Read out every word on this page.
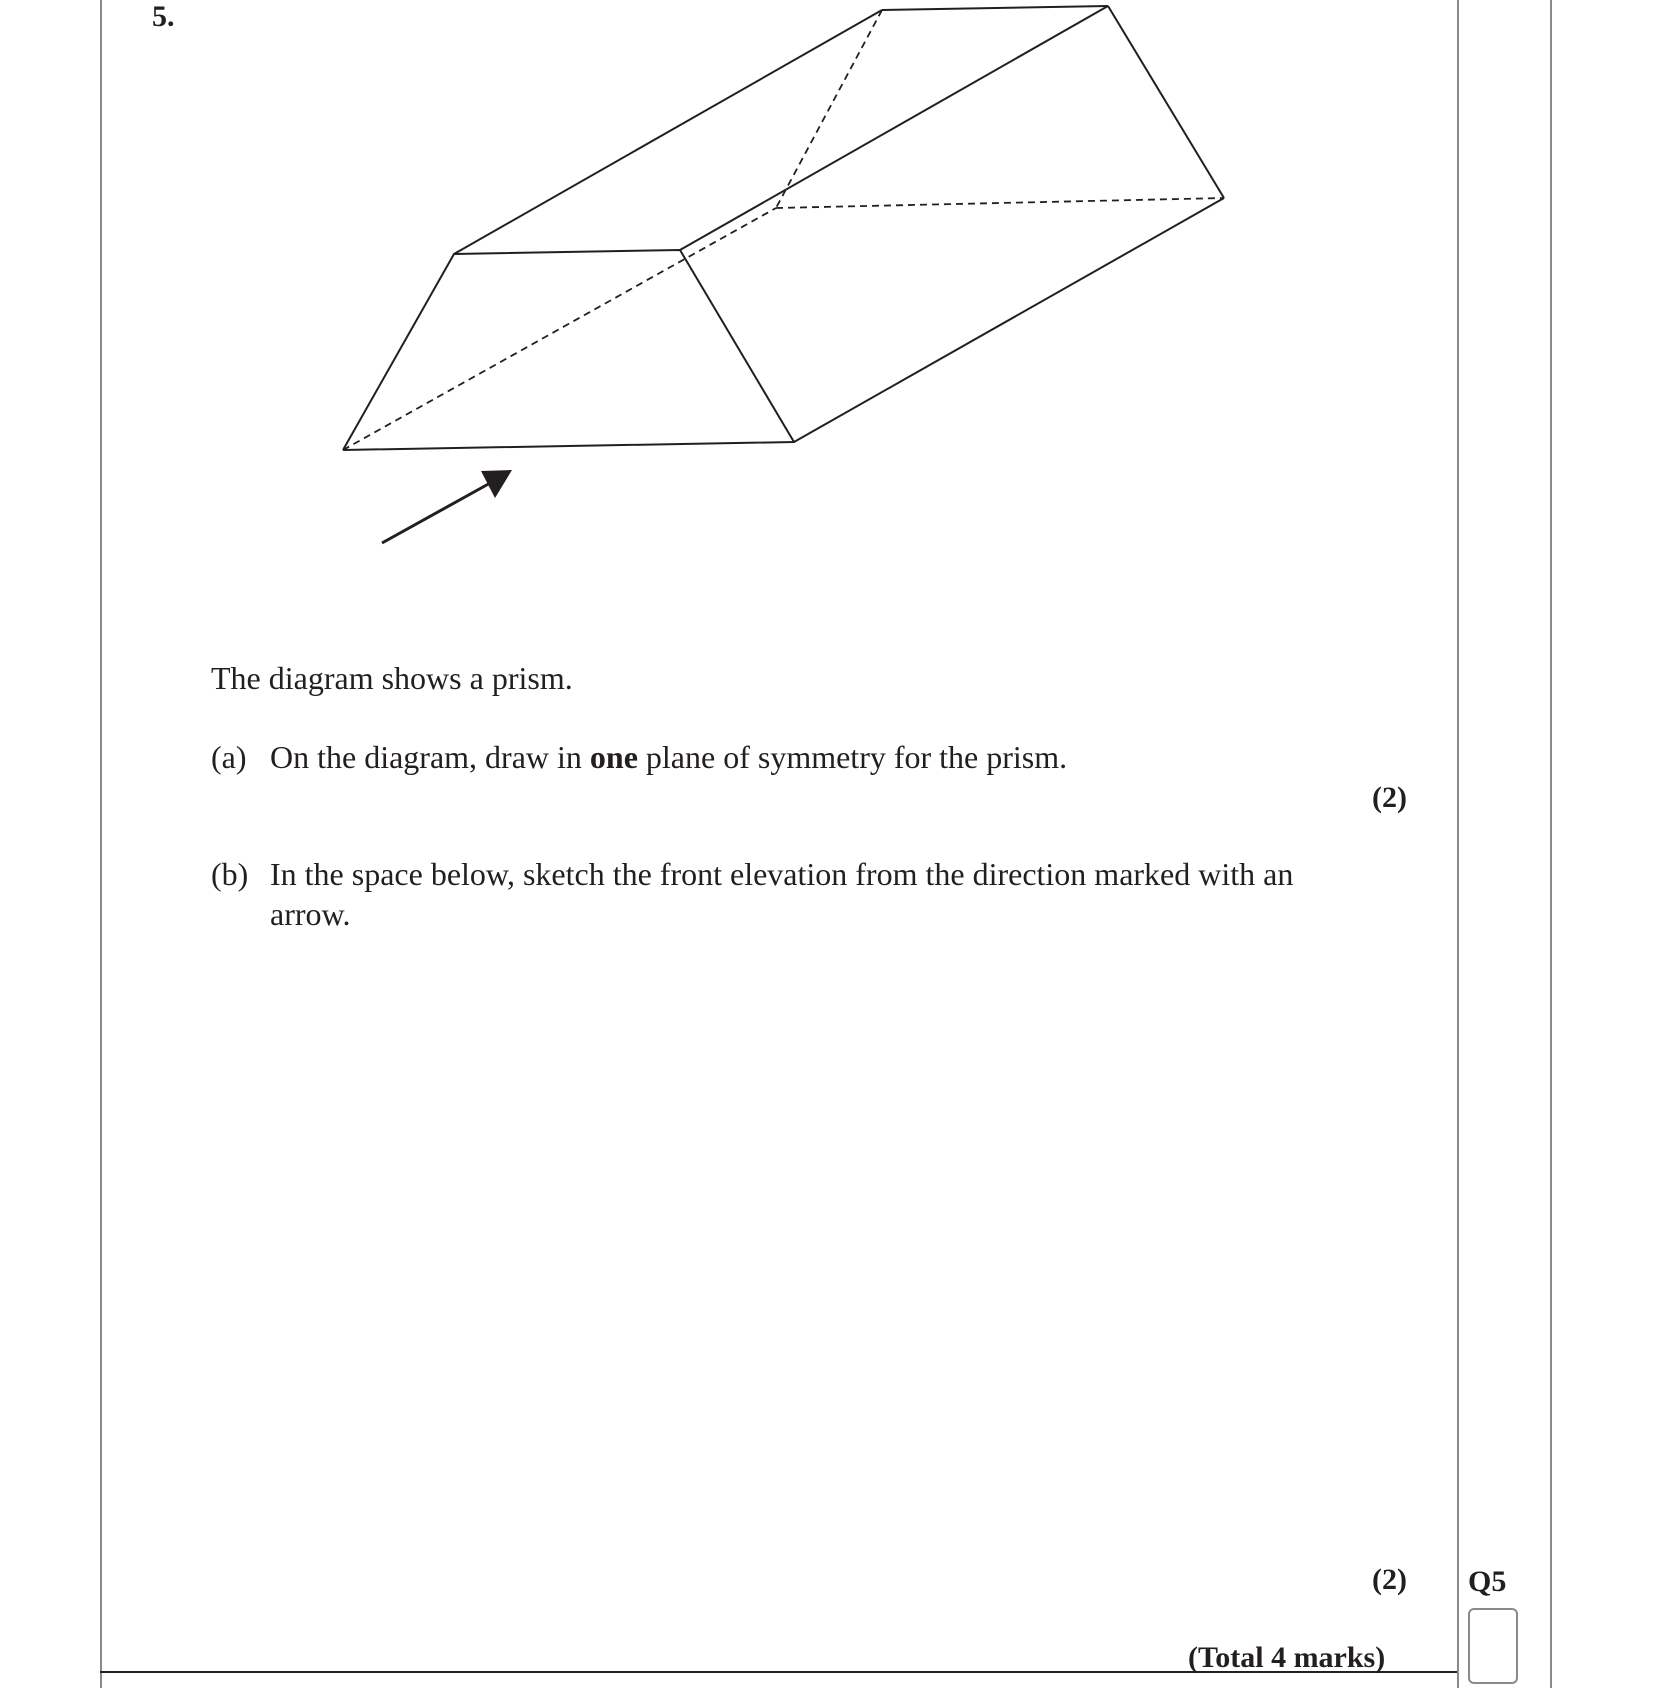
5.
The diagram shows a prism.
(a) On the diagram, draw in one plane of symmetry for the prism.
(2)
(b) In the space below, sketch the front elevation from the direction marked with an
arrow.
(2)
(Total 4 marks)
Q5
